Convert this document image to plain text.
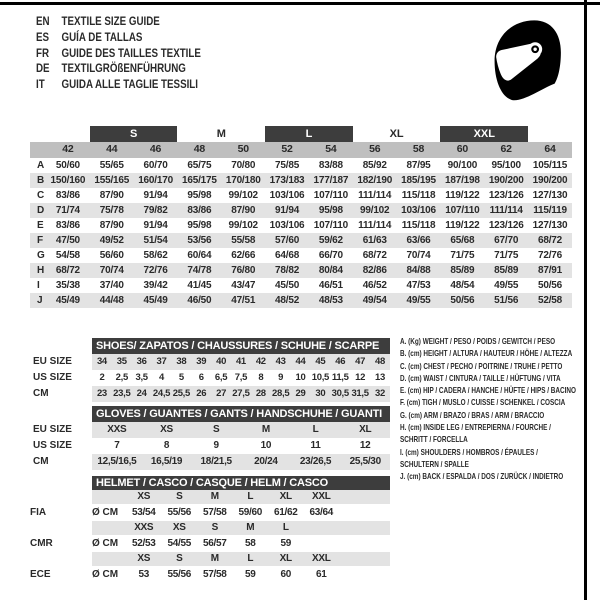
EN	TEXTILE SIZE GUIDE
ES	GUÍA DE TALLAS
FR	GUIDE DES TAILLES TEXTILE
DE	TEXTILGRÖßENFÜHRUNG
IT	GUIDA ALLE TAGLIE TESSILI
S	M	L	XL	XXL
42	44	46	48	50	52	54	56	58	60	62	64
A	50/60	55/65	60/70	65/75	70/80	75/85	83/88	85/92	87/95	90/100	95/100	105/115
B 150/160 155/165 160/170 165/175 170/180 173/183 177/187 182/190 185/195 187/198 190/200 190/200
C	83/86	87/90	91/94	95/98	99/102	103/106 107/110	111/114	115/118 119/122 123/126 127/130
D	71/74	75/78	79/82	83/86	87/90	91/94	95/98	99/102	103/106 107/110	111/114	115/119
E	83/86	87/90	91/94	95/98	99/102	103/106 107/110	111/114	115/118 119/122 123/126 127/130
F	47/50	49/52	51/54	53/56	55/58	57/60	59/62	61/63	63/66	65/68	67/70	68/72
G	54/58	56/60	58/62	60/64	62/66	64/68	66/70	68/72	70/74	71/75	71/75	72/76
H	68/72	70/74	72/76	74/78	76/80	78/82	80/84	82/86	84/88	85/89	85/89	87/91
I	35/38	37/40	39/42	41/45	43/47	45/50	46/51	46/52	47/53	48/54	49/55	50/56
J	45/49	44/48	45/49	46/50	47/51	48/52	48/53	49/54	49/55	50/56	51/56	52/58
SHOES/ ZAPATOS / CHAUSSURES / SCHUHE / SCARPE
EU SIZE	34	35	36	37	38	39	40	41	42	43	44	45	46	47	48
US SIZE	2	2,5 3,5	4	5	6	6,5 7,5	8	9	10 10,5 11,5 12	13
CM	23 23,5 24 24,5 25,5 26	27 27,5 28 28,5 29	30 30,5 31,5 32
GLOVES / GUANTES / GANTS / HANDSCHUHE / GUANTI
EU SIZE	XXS	XS	S	M	L	XL
US SIZE	7	8	9	10	11	12
CM	12,5/16,5	16,5/19	18/21,5	20/24	23/26,5	25,5/30
HELMET / CASCO / CASQUE / HELM / CASCO
XS	S	M	L	XL	XXL
FIA	Ø CM	53/54	55/56	57/58	59/60	61/62	63/64
XXS	XS	S	M	L
CMR	Ø CM	52/53	54/55	56/57	58	59
XS	S	M	L	XL	XXL
ECE	Ø CM	53	55/56	57/58	59	60	61
A. (Kg) WEIGHT / PESO / POIDS / GEWITCH / PESO
B. (cm) HEIGHT / ALTURA / HAUTEUR / HÖHE / ALTEZZA
C. (cm) CHEST / PECHO / POITRINE / TRUHE / PETTO
D. (cm) WAIST / CINTURA / TAILLE / HÜFTUNG / VITA
E. (cm) HIP / CADERA / HANCHE / HÜFTE / HIPS / BACINO
F. (cm) TIGH / MUSLO / CUISSE / SCHENKEL / COSCIA
G. (cm) ARM / BRAZO / BRAS / ARM / BRACCIO
H. (cm) INSIDE LEG / ENTREPIERNA / FOURCHE /
SCHRITT / FORCELLA
I. (cm) SHOULDERS / HOMBROS / ÉPAULES /
SCHULTERN / SPALLE
J. (cm) BACK / ESPALDA / DOS / ZURÜCK / INDIETRO
